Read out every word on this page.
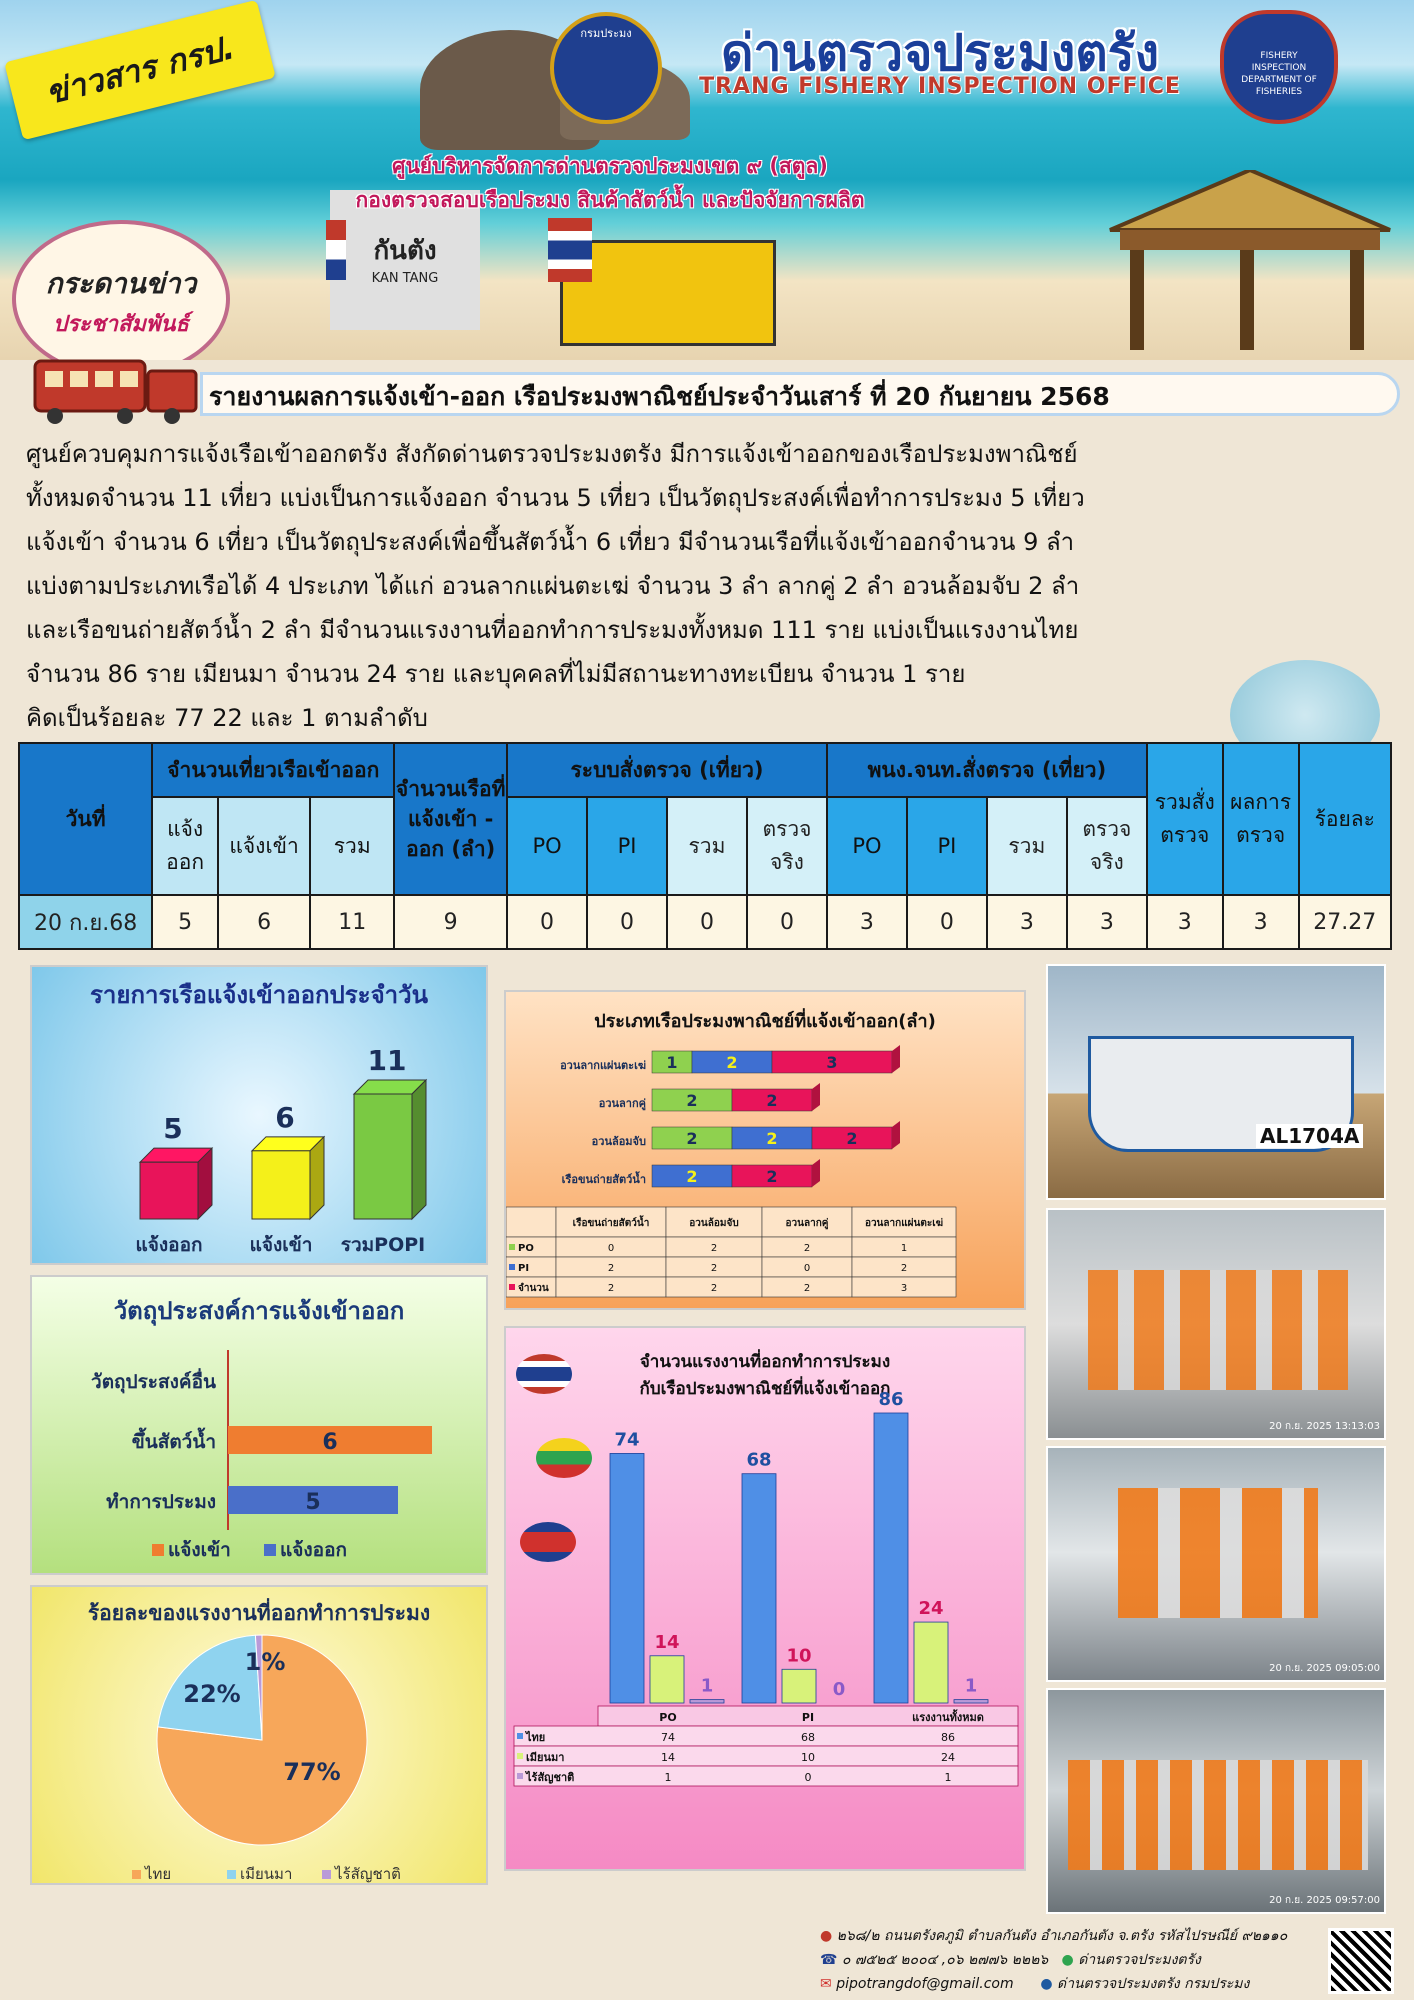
กันตัง
KAN TANG
กรมประมง	ด่านตรวจประมงตรัง
TRANG FISHERY INSPECTION OFFICE
FISHERY INSPECTION DEPARTMENT OF FISHERIES
ศูนย์บริหารจัดการด่านตรวจประมงเขต ๙ (สตูล)
กองตรวจสอบเรือประมง สินค้าสัตว์น้ำ และปัจจัยการผลิต
ข่าวสาร กรป.
กระดานข่าว
ประชาสัมพันธ์
รายงานผลการแจ้งเข้า-ออก เรือประมงพาณิชย์ประจำวันเสาร์ ที่ 20 กันยายน 2568

ศูนย์ควบคุมการแจ้งเรือเข้าออกตรัง สังกัดด่านตรวจประมงตรัง มีการแจ้งเข้าออกของเรือประมงพาณิชย์

ทั้งหมดจำนวน 11 เที่ยว แบ่งเป็นการแจ้งออก จำนวน 5 เที่ยว เป็นวัตถุประสงค์เพื่อทำการประมง 5 เที่ยว

แจ้งเข้า จำนวน 6 เที่ยว เป็นวัตถุประสงค์เพื่อขึ้นสัตว์น้ำ 6 เที่ยว มีจำนวนเรือที่แจ้งเข้าออกจำนวน 9 ลำ

แบ่งตามประเภทเรือได้ 4 ประเภท ได้แก่ อวนลากแผ่นตะเฆ่ จำนวน 3 ลำ ลากคู่ 2 ลำ อวนล้อมจับ 2 ลำ

และเรือขนถ่ายสัตว์น้ำ 2 ลำ มีจำนวนแรงงานที่ออกทำการประมงทั้งหมด 111 ราย แบ่งเป็นแรงงานไทย

จำนวน 86 ราย เมียนมา จำนวน 24 ราย และบุคคลที่ไม่มีสถานะทางทะเบียน จำนวน 1 ราย

คิดเป็นร้อยละ 77 22 และ 1 ตามลำดับ

วันที่	จำนวนเที่ยวเรือเข้าออก			จำนวนเรือที่แจ้งเข้า - ออก (ลำ)	ระบบสั่งตรวจ (เที่ยว)				พนง.จนท.สั่งตรวจ (เที่ยว)				รวมสั่งตรวจ	ผลการตรวจ	ร้อยละ
	แจ้งออก	แจ้งเข้า	รวม		PO	PI	รวม	ตรวจจริง	PO	PI	รวม	ตรวจจริง			
20 ก.ย.68	5	6	11	9	0	0	0	0	3	0	3	3	3	3	27.27
รายการเรือแจ้งเข้าออกประจำวัน
5
แจ้งออก
6
แจ้งเข้า
11
รวมPOPI
วัตถุประสงค์การแจ้งเข้าออก
วัตถุประสงค์อื่น
ขึ้นสัตว์น้ำ	6
ทำการประมง	5
แจ้งเข้า	แจ้งออก
ร้อยละของแรงงานที่ออกทำการประมง
77%
22%
1%
ไทย	เมียนมา	ไร้สัญชาติ
ประเภทเรือประมงพาณิชย์ที่แจ้งเข้าออก(ลำ)
อวนลากแผ่นตะเฆ่ 1	2	3
อวนลากคู่	2	2
อวนล้อมจับ	2	2	2
เรือขนถ่ายสัตว์น้ำ	2	2
เรือขนถ่ายสัตว์น้ำ	อวนล้อมจับ	อวนลากคู่	อวนลากแผ่นตะเฆ่
PO	0	2	2	1
PI	2	2	0	2
จำนวน	2	2	2	3
จำนวนแรงงานที่ออกทำการประมง
กับเรือประมงพาณิชย์ที่แจ้งเข้าออก
74
14
1
68
10
0
86
24
1
PO	PI	แรงงานทั้งหมด
ไทย	74	68	86
เมียนมา	14	10	24
ไร้สัญชาติ	1	0	1
AL1704A
20 ก.ย. 2025 13:13:03
20 ก.ย. 2025 09:05:00
20 ก.ย. 2025 09:57:00
● ๒๖๘/๒ ถนนตรังคภูมิ ตำบลกันตัง อำเภอกันตัง จ.ตรัง รหัสไปรษณีย์ ๙๒๑๑๐
☎ ๐ ๗๕๒๕ ๒๐๐๔ ,๐๖ ๒๗๗๖ ๒๒๒๖ ● ด่านตรวจประมงตรัง
✉ pipotrangdof@gmail.com ● ด่านตรวจประมงตรัง กรมประมง
